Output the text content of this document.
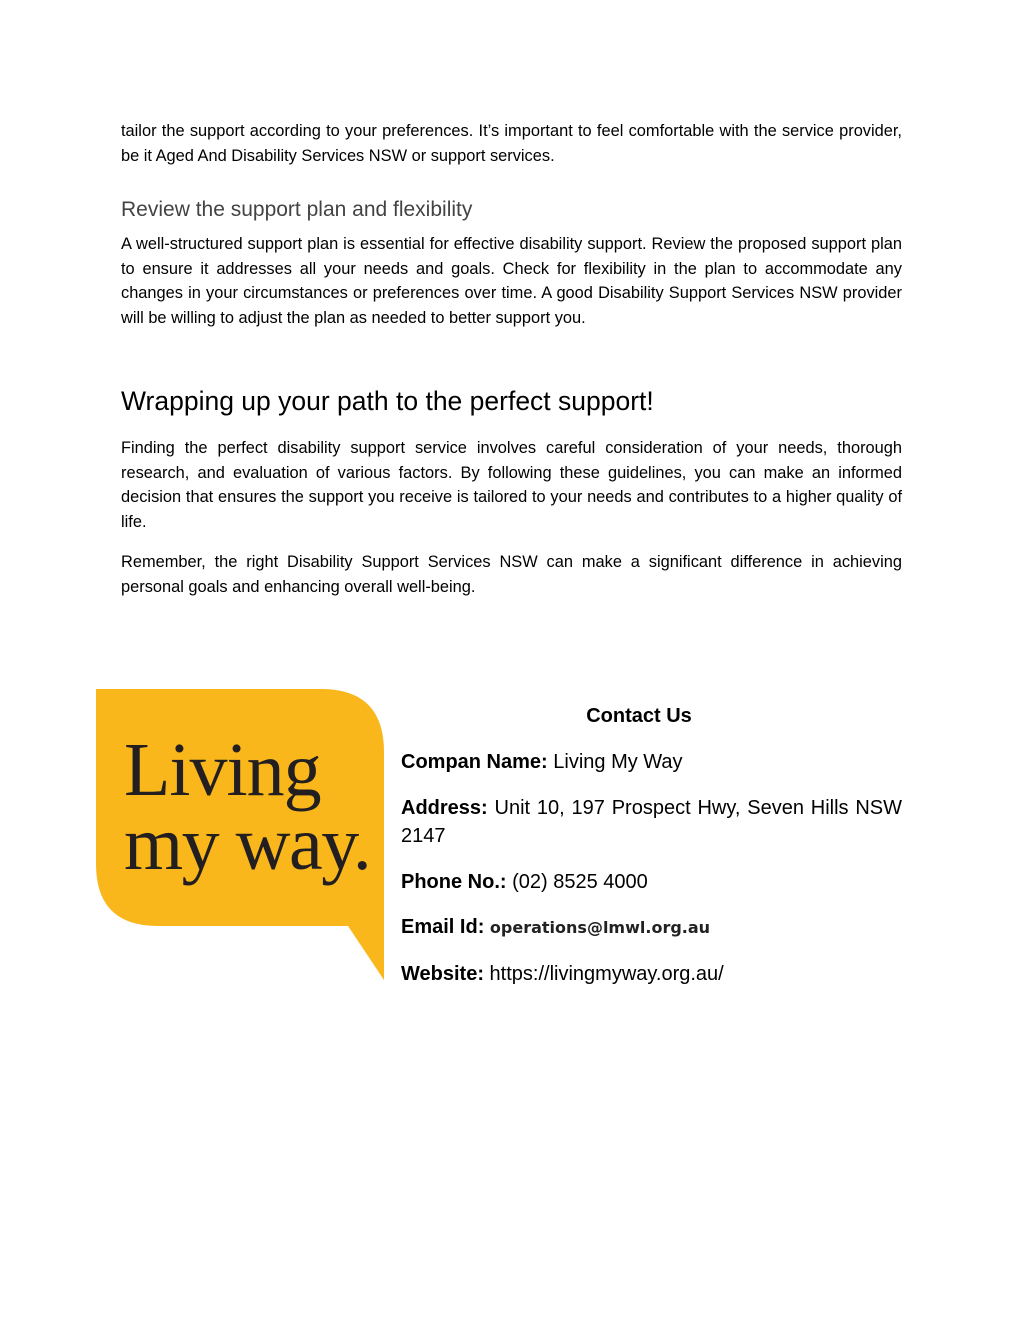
tailor the support according to your preferences. It’s important to feel comfortable with the service provider, be it Aged And Disability Services NSW or support services.

Review the support plan and flexibility

A well-structured support plan is essential for effective disability support. Review the proposed support plan to ensure it addresses all your needs and goals. Check for flexibility in the plan to accommodate any changes in your circumstances or preferences over time. A good Disability Support Services NSW provider will be willing to adjust the plan as needed to better support you.

Wrapping up your path to the perfect support!

Finding the perfect disability support service involves careful consideration of your needs, thorough research, and evaluation of various factors. By following these guidelines, you can make an informed decision that ensures the support you receive is tailored to your needs and contributes to a higher quality of life.

Remember, the right Disability Support Services NSW can make a significant difference in achieving personal goals and enhancing overall well-being.

Living
my way.

Contact Us

Compan Name: Living My Way

Address: Unit 10, 197 Prospect Hwy, Seven Hills NSW 2147

Phone No.: (02) 8525 4000

Email Id: operations@lmwl.org.au

Website: https://livingmyway.org.au/
